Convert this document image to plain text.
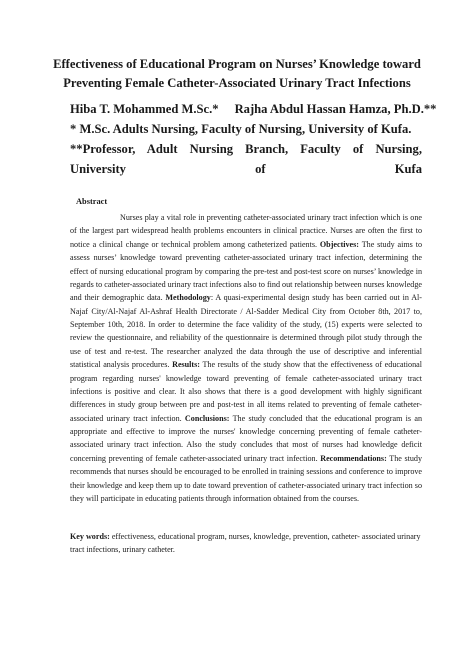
Effectiveness of Educational Program on Nurses’ Knowledge toward
Preventing Female Catheter-Associated Urinary Tract Infections
Hiba T. Mohammed M.Sc.* Rajha Abdul Hassan Hamza, Ph.D.**
* M.Sc. Adults Nursing, Faculty of Nursing, University of Kufa.
**Professor, Adult Nursing Branch, Faculty of Nursing, University of Kufa
Abstract

Nurses play a vital role in preventing catheter-associated urinary tract infection which is one of the largest part widespread health problems encounters in clinical practice. Nurses are often the first to notice a clinical change or technical problem among catheterized patients. Objectives: The study aims to assess nurses’ knowledge toward preventing catheter-associated urinary tract infection, determining the effect of nursing educational program by comparing the pre-test and post-test score on nurses’ knowledge in regards to catheter-associated urinary tract infections also to find out relationship between nurses knowledge and their demographic data. Methodology: A quasi-experimental design study has been carried out in Al-Najaf City/Al-Najaf Al-Ashraf Health Directorate / Al-Sadder Medical City from October 8th, 2017 to, September 10th, 2018. In order to determine the face validity of the study, (15) experts were selected to review the questionnaire, and reliability of the questionnaire is determined through pilot study through the use of test and re-test. The researcher analyzed the data through the use of descriptive and inferential statistical analysis procedures. Results: The results of the study show that the effectiveness of educational program regarding nurses' knowledge toward preventing of female catheter-associated urinary tract infections is positive and clear. It also shows that there is a good development with highly significant differences in study group between pre and post-test in all items related to preventing of female catheter-associated urinary tract infection. Conclusions: The study concluded that the educational program is an appropriate and effective to improve the nurses' knowledge concerning preventing of female catheter-associated urinary tract infection. Also the study concludes that most of nurses had knowledge deficit concerning preventing of female catheter-associated urinary tract infection. Recommendations: The study recommends that nurses should be encouraged to be enrolled in training sessions and conference to improve their knowledge and keep them up to date toward prevention of catheter-associated urinary tract infection so they will participate in educating patients through information obtained from the courses.

Key words: effectiveness, educational program, nurses, knowledge, prevention, catheter- associated urinary tract infections, urinary catheter.
